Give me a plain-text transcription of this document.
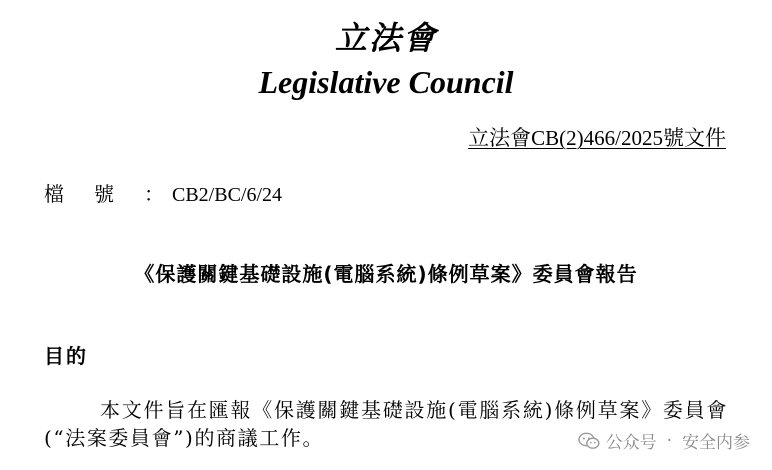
立法會
Legislative Council
立法會CB(2)466/2025號文件
檔號： CB2/BC/6/24
《保護關鍵基礎設施(電腦系統)條例草案》委員會報告
目的
本文件旨在匯報《保護關鍵基礎設施(電腦系統)條例草案》委員會(“法案委員會”)的商議工作。	公众号 · 安全内参
